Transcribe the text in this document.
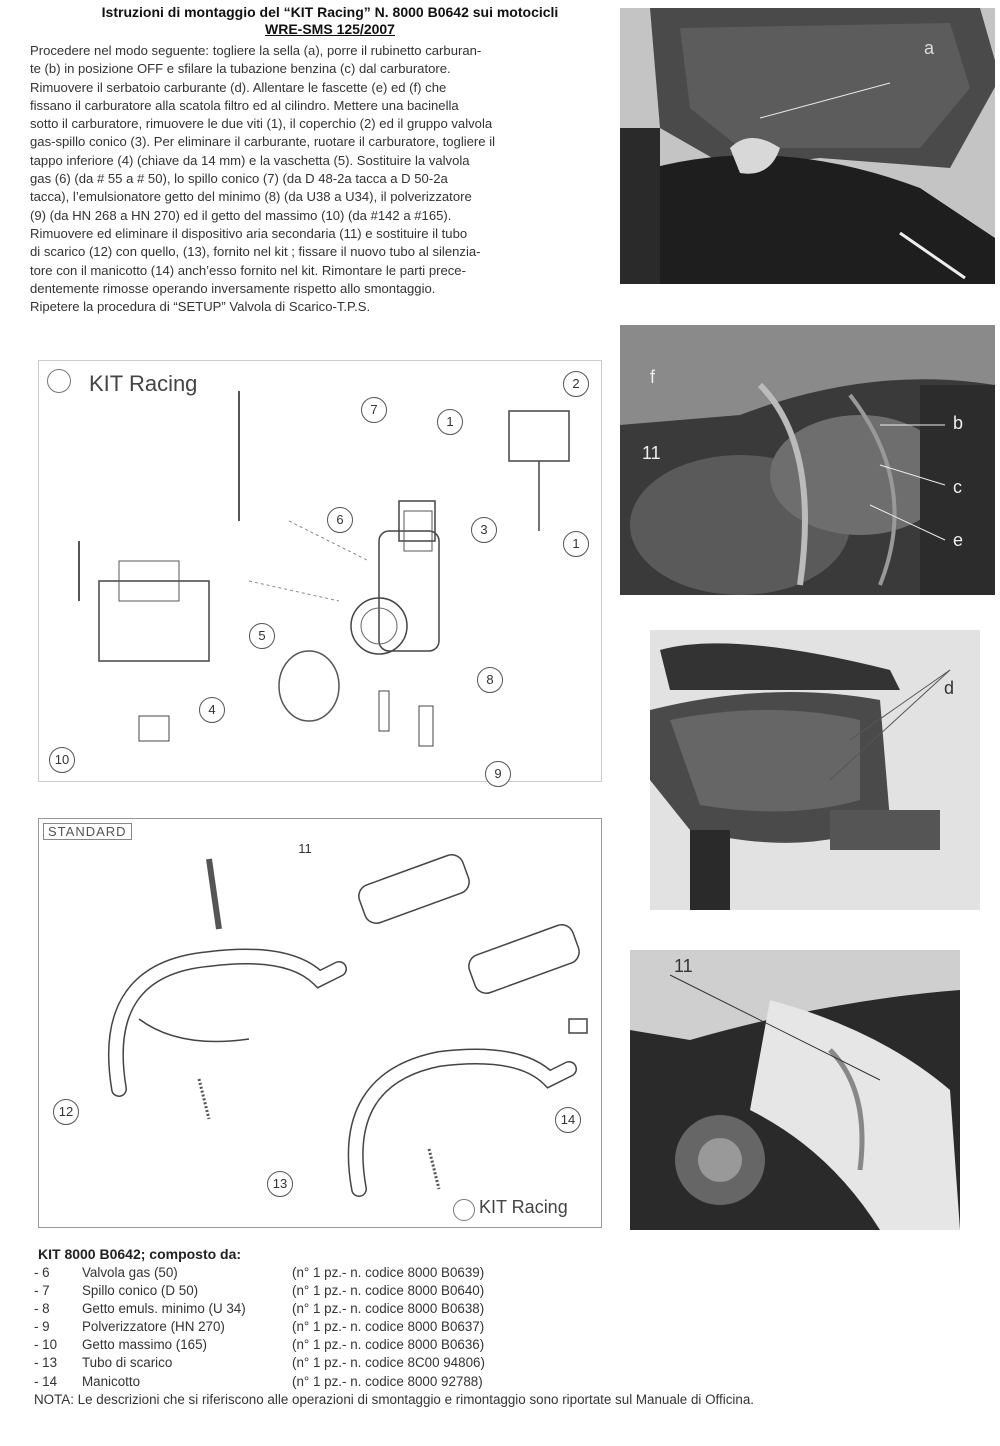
Istruzioni di montaggio del “KIT Racing” N. 8000 B0642 sui motocicli
WRE-SMS 125/2007
Procedere nel modo seguente: togliere la sella (a), porre il rubinetto carburan-
te (b) in posizione OFF e sfilare la tubazione benzina (c) dal carburatore.
Rimuovere il serbatoio carburante (d). Allentare le fascette (e) ed (f) che
fissano il carburatore alla scatola filtro ed al cilindro. Mettere una bacinella
sotto il carburatore, rimuovere le due viti (1), il coperchio (2) ed il gruppo valvola
gas-spillo conico (3). Per eliminare il carburante, ruotare il carburatore, togliere il
tappo inferiore (4) (chiave da 14 mm) e la vaschetta (5). Sostituire la valvola
gas (6) (da # 55 a # 50), lo spillo conico (7) (da D 48-2a tacca a D 50-2a
tacca), l’emulsionatore getto del minimo (8) (da U38 a U34), il polverizzatore
(9) (da HN 268 a HN 270) ed il getto del massimo (10) (da #142 a #165).
Rimuovere ed eliminare il dispositivo aria secondaria (11) e sostituire il tubo
di scarico (12) con quello, (13), fornito nel kit ; fissare il nuovo tubo al silenzia-
tore con il manicotto (14) anch’esso fornito nel kit. Rimontare le parti prece-
dentemente rimosse operando inversamente rispetto allo smontaggio.
Ripetere la procedura di “SETUP” Valvola di Scarico-T.P.S.
a
f
11
b
c
e
d
11
KIT Racing
7
1
2
6
3
1
5
8
4
10
9
STANDARD
11
12
13
14
KIT Racing
KIT 8000 B0642; composto da:
- 6	Valvola gas (50)	(n° 1 pz.- n. codice 8000 B0639)
- 7	Spillo conico (D 50)	(n° 1 pz.- n. codice 8000 B0640)
- 8	Getto emuls. minimo (U 34)	(n° 1 pz.- n. codice 8000 B0638)
- 9	Polverizzatore (HN 270)	(n° 1 pz.- n. codice 8000 B0637)
- 10	Getto massimo (165)	(n° 1 pz.- n. codice 8000 B0636)
- 13	Tubo di scarico	(n° 1 pz.- n. codice 8C00 94806)
- 14	Manicotto	(n° 1 pz.- n. codice 8000 92788)
NOTA: Le descrizioni che si riferiscono alle operazioni di smontaggio e rimontaggio sono riportate sul Manuale di Officina.
